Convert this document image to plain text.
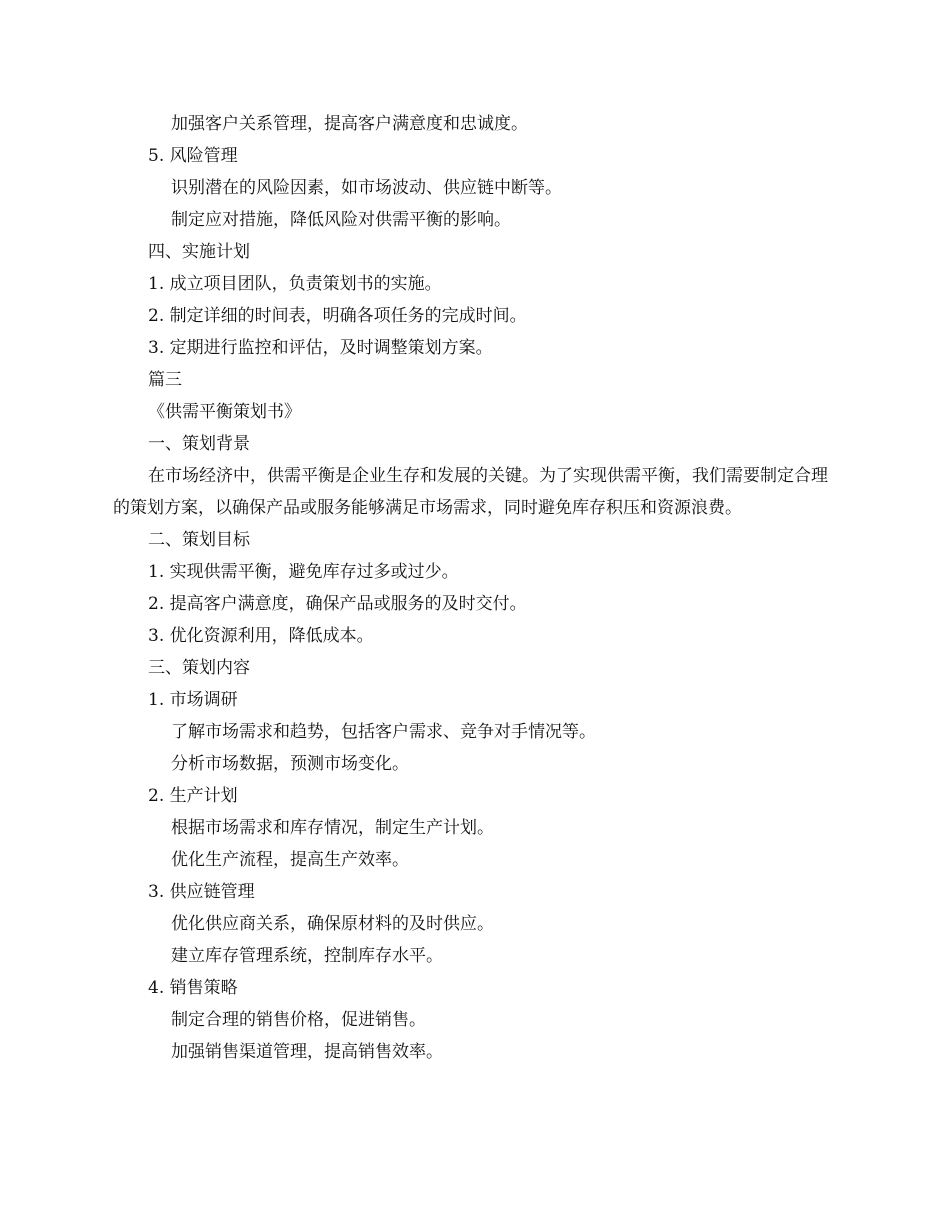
加强客户关系管理，提高客户满意度和忠诚度。

5. 风险管理

识别潜在的风险因素，如市场波动、供应链中断等。

制定应对措施，降低风险对供需平衡的影响。

四、实施计划

1. 成立项目团队，负责策划书的实施。

2. 制定详细的时间表，明确各项任务的完成时间。

3. 定期进行监控和评估，及时调整策划方案。

篇三

《供需平衡策划书》

一、策划背景

在市场经济中，供需平衡是企业生存和发展的关键。为了实现供需平衡，我们需要制定合理的策划方案，以确保产品或服务能够满足市场需求，同时避免库存积压和资源浪费。

二、策划目标

1. 实现供需平衡，避免库存过多或过少。

2. 提高客户满意度，确保产品或服务的及时交付。

3. 优化资源利用，降低成本。

三、策划内容

1. 市场调研

了解市场需求和趋势，包括客户需求、竞争对手情况等。

分析市场数据，预测市场变化。

2. 生产计划

根据市场需求和库存情况，制定生产计划。

优化生产流程，提高生产效率。

3. 供应链管理

优化供应商关系，确保原材料的及时供应。

建立库存管理系统，控制库存水平。

4. 销售策略

制定合理的销售价格，促进销售。

加强销售渠道管理，提高销售效率。
